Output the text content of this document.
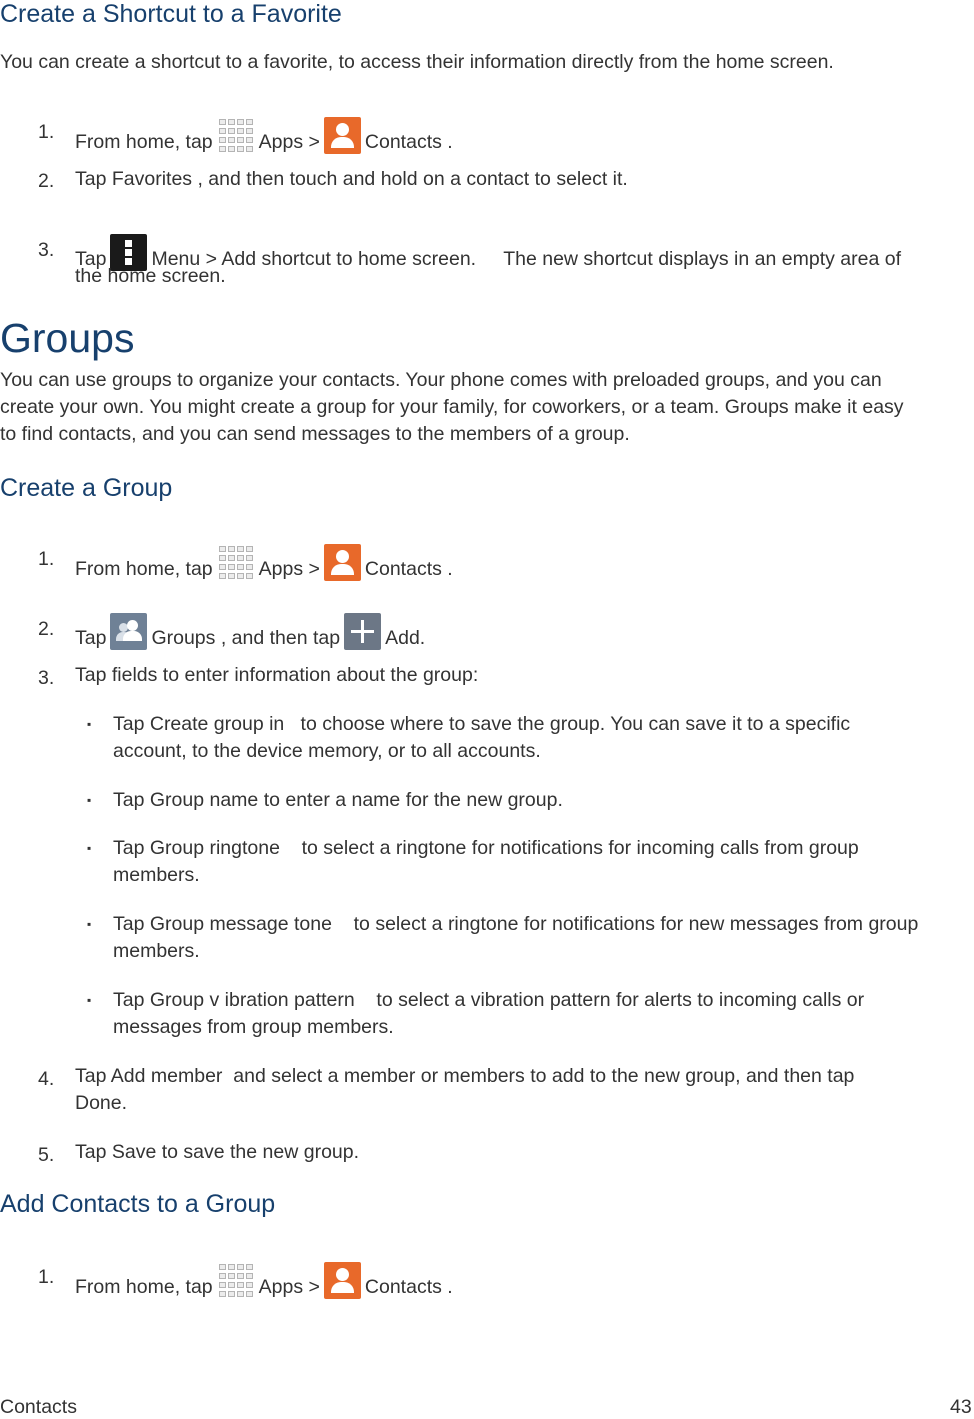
Create a Shortcut to a Favorite
You can create a shortcut to a favorite, to access their information directly from the home screen.
1. From home, tap Apps > Contacts .
2. Tap Favorites , and then touch and hold on a contact to select it.
3. Tap Menu > Add shortcut to home screen. The new shortcut displays in an empty area of
the home screen.
Groups
You can use groups to organize your contacts. Your phone comes with preloaded groups, and you can
create your own. You might create a group for your family, for coworkers, or a team. Groups make it easy
to find contacts, and you can send messages to the members of a group.
Create a Group
1. From home, tap Apps > Contacts .
2. Tap Groups , and then tap Add.
3. Tap fields to enter information about the group:
▪ Tap Create group in to choose where to save the group. You can save it to a specific
account, to the device memory, or to all accounts.
▪ Tap Group name to enter a name for the new group.
▪ Tap Group ringtone to select a ringtone for notifications for incoming calls from group
members.
▪ Tap Group message tone to select a ringtone for notifications for new messages from group
members.
▪ Tap Group v ibration pattern to select a vibration pattern for alerts to incoming calls or
messages from group members.
4. Tap Add member and select a member or members to add to the new group, and then tap
Done.
5. Tap Save to save the new group.
Add Contacts to a Group
1. From home, tap Apps > Contacts .
Contacts	43
